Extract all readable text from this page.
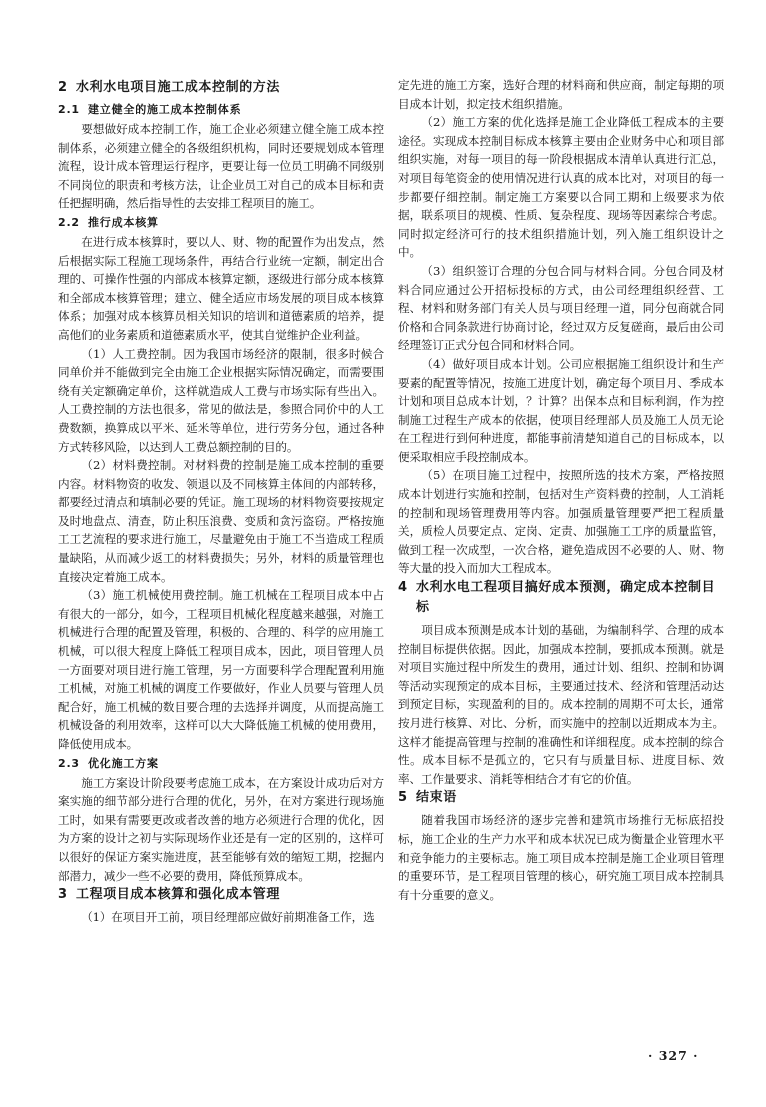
2 水利水电项目施工成本控制的方法
2.1 建立健全的施工成本控制体系

要想做好成本控制工作，施工企业必须建立健全施工成本控制体系，必须建立健全的各级组织机构，同时还要规划成本管理流程，设计成本管理运行程序，更要让每一位员工明确不同级别不同岗位的职责和考核方法，让企业员工对自己的成本目标和责任把握明确，然后指导性的去安排工程项目的施工。

2.2 推行成本核算

在进行成本核算时，要以人、财、物的配置作为出发点，然后根据实际工程施工现场条件，再结合行业统一定额，制定出合理的、可操作性强的内部成本核算定额，逐级进行部分成本核算和全部成本核算管理；建立、健全适应市场发展的项目成本核算体系；加强对成本核算员相关知识的培训和道德素质的培养，提高他们的业务素质和道德素质水平，使其自觉维护企业利益。

（1）人工费控制。因为我国市场经济的限制，很多时候合同单价并不能做到完全由施工企业根据实际情况确定，而需要围绕有关定额确定单价，这样就造成人工费与市场实际有些出入。人工费控制的方法也很多，常见的做法是，参照合同价中的人工费数额，换算成以平米、延米等单位，进行劳务分包，通过各种方式转移风险，以达到人工费总额控制的目的。

（2）材料费控制。对材料费的控制是施工成本控制的重要内容。材料物资的收发、领退以及不同核算主体间的内部转移，都要经过清点和填制必要的凭证。施工现场的材料物资要按规定及时地盘点、清查，防止积压浪费、变质和贪污盗窃。严格按施工工艺流程的要求进行施工，尽量避免由于施工不当造成工程质量缺陷，从而减少返工的材料费损失；另外，材料的质量管理也直接决定着施工成本。

（3）施工机械使用费控制。施工机械在工程项目成本中占有很大的一部分，如今，工程项目机械化程度越来越强，对施工机械进行合理的配置及管理，积极的、合理的、科学的应用施工机械，可以很大程度上降低工程项目成本，因此，项目管理人员一方面要对项目进行施工管理，另一方面要科学合理配置利用施工机械，对施工机械的调度工作要做好，作业人员要与管理人员配合好，施工机械的数目要合理的去选择并调度，从而提高施工机械设备的利用效率，这样可以大大降低施工机械的使用费用，降低使用成本。

2.3 优化施工方案

施工方案设计阶段要考虑施工成本，在方案设计成功后对方案实施的细节部分进行合理的优化，另外，在对方案进行现场施工时，如果有需要更改或者改善的地方必须进行合理的优化，因为方案的设计之初与实际现场作业还是有一定的区别的，这样可以很好的保证方案实施进度，甚至能够有效的缩短工期，挖掘内部潜力，减少一些不必要的费用，降低预算成本。

3 工程项目成本核算和强化成本管理

（1）在项目开工前，项目经理部应做好前期准备工作，选

定先进的施工方案，选好合理的材料商和供应商，制定每期的项目成本计划，拟定技术组织措施。

（2）施工方案的优化选择是施工企业降低工程成本的主要途径。实现成本控制目标成本核算主要由企业财务中心和项目部组织实施，对每一项目的每一阶段根据成本清单认真进行汇总，对项目每笔资金的使用情况进行认真的成本比对，对项目的每一步都要仔细控制。制定施工方案要以合同工期和上级要求为依据，联系项目的规模、性质、复杂程度、现场等因素综合考虑。同时拟定经济可行的技术组织措施计划，列入施工组织设计之中。

（3）组织签订合理的分包合同与材料合同。分包合同及材料合同应通过公开招标投标的方式，由公司经理组织经营、工程、材料和财务部门有关人员与项目经理一道，同分包商就合同价格和合同条款进行协商讨论，经过双方反复磋商，最后由公司经理签订正式分包合同和材料合同。

（4）做好项目成本计划。公司应根据施工组织设计和生产要素的配置等情况，按施工进度计划，确定每个项目月、季成本计划和项目总成本计划，？计算？出保本点和目标利润，作为控制施工过程生产成本的依据，使项目经理部人员及施工人员无论在工程进行到何种进度，都能事前清楚知道自己的目标成本，以便采取相应手段控制成本。

（5）在项目施工过程中，按照所选的技术方案，严格按照成本计划进行实施和控制，包括对生产资料费的控制，人工消耗的控制和现场管理费用等内容。加强质量管理要严把工程质量关，质检人员要定点、定岗、定责、加强施工工序的质量监管，做到工程一次成型，一次合格，避免造成因不必要的人、财、物等大量的投入而加大工程成本。

4 水利水电工程项目搞好成本预测，确定成本控制目标

项目成本预测是成本计划的基础，为编制科学、合理的成本控制目标提供依据。因此，加强成本控制，要抓成本预测。就是对项目实施过程中所发生的费用，通过计划、组织、控制和协调等活动实现预定的成本目标，主要通过技术、经济和管理活动达到预定目标，实现盈利的目的。成本控制的周期不可太长，通常按月进行核算、对比、分析，而实施中的控制以近期成本为主。这样才能提高管理与控制的准确性和详细程度。成本控制的综合性。成本目标不是孤立的，它只有与质量目标、进度目标、效率、工作量要求、消耗等相结合才有它的价值。

5 结束语

随着我国市场经济的逐步完善和建筑市场推行无标底招投标，施工企业的生产力水平和成本状况已成为衡量企业管理水平和竞争能力的主要标志。施工项目成本控制是施工企业项目管理的重要环节，是工程项目管理的核心，研究施工项目成本控制具有十分重要的意义。

· 327 ·
